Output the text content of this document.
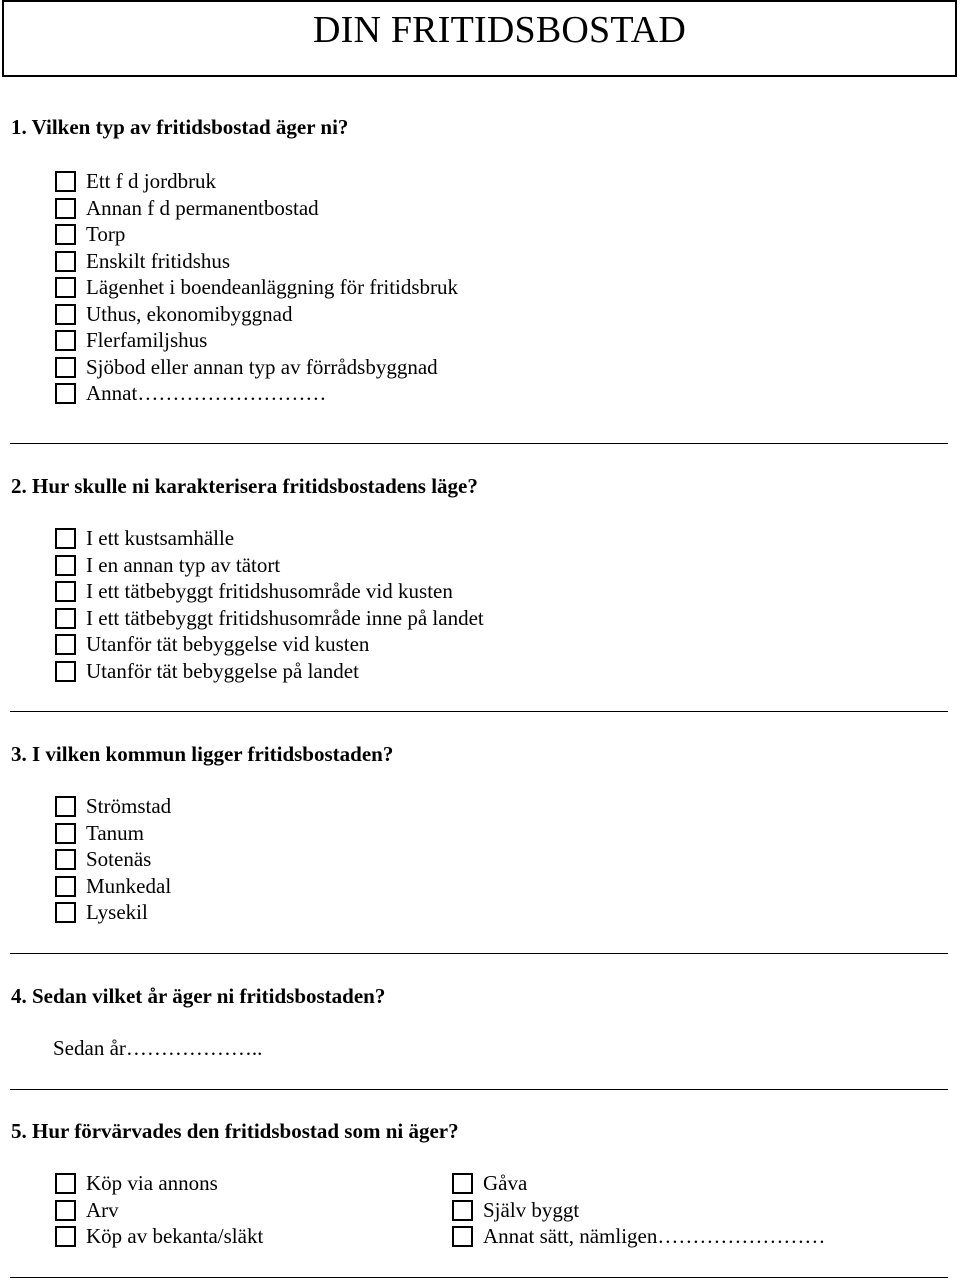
DIN FRITIDSBOSTAD
1. Vilken typ av fritidsbostad äger ni?
Ett f d jordbruk
Annan f d permanentbostad
Torp
Enskilt fritidshus
Lägenhet i boendeanläggning för fritidsbruk
Uthus, ekonomibyggnad
Flerfamiljshus
Sjöbod eller annan typ av förrådsbyggnad
Annat………………………
2. Hur skulle ni karakterisera fritidsbostadens läge?
I ett kustsamhälle
I en annan typ av tätort
I ett tätbebyggt fritidshusområde vid kusten
I ett tätbebyggt fritidshusområde inne på landet
Utanför tät bebyggelse vid kusten
Utanför tät bebyggelse på landet
3. I vilken kommun ligger fritidsbostaden?
Strömstad
Tanum
Sotenäs
Munkedal
Lysekil
4. Sedan vilket år äger ni fritidsbostaden?
Sedan år………………..
5. Hur förvärvades den fritidsbostad som ni äger?
Köp via annons
Arv
Köp av bekanta/släkt
Gåva
Själv byggt
Annat sätt, nämligen……………………
